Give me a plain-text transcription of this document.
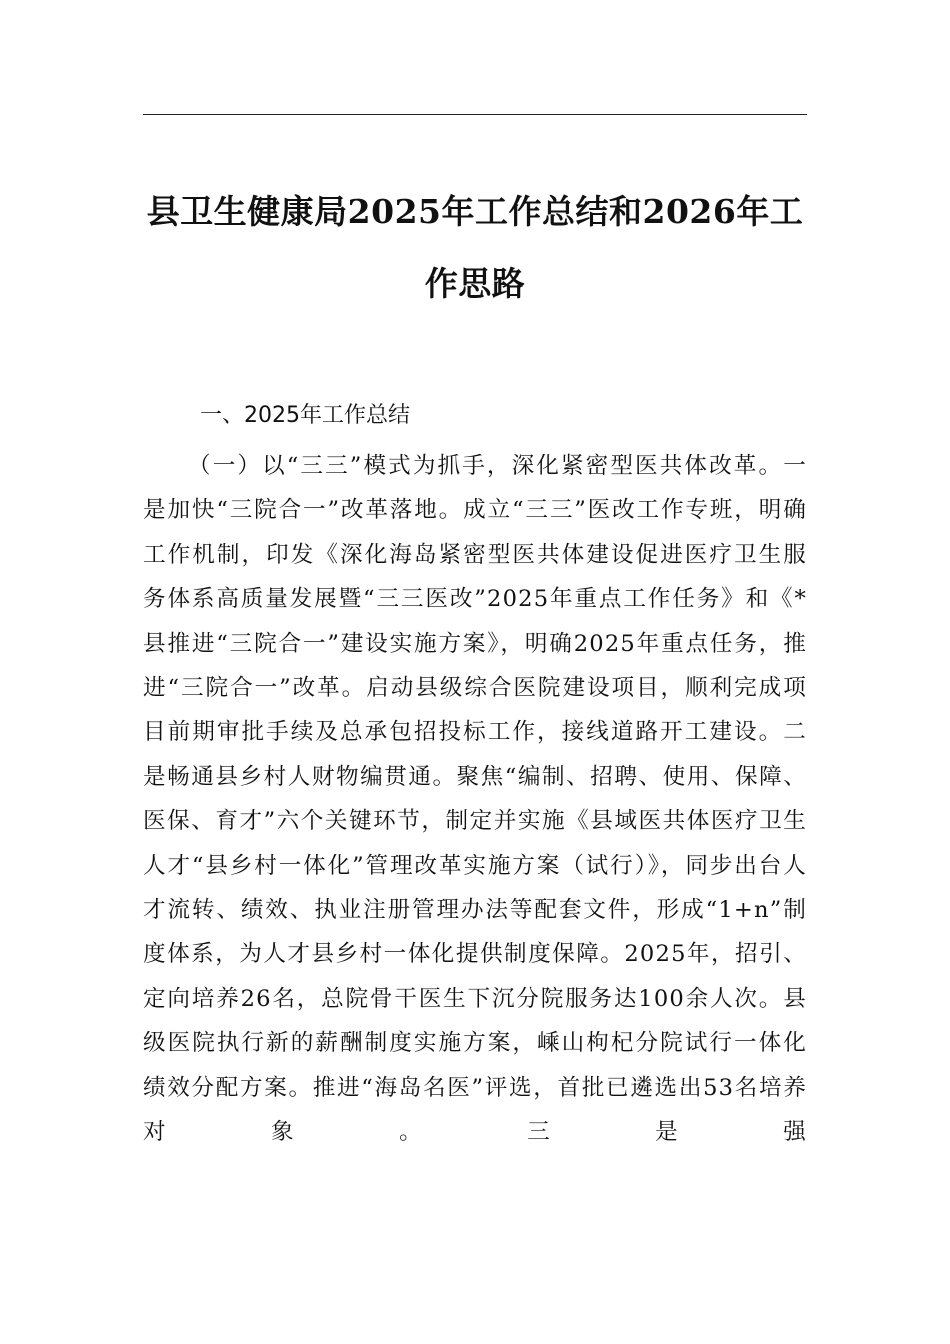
县卫生健康局2025年工作总结和2026年工作思路
一、2025年工作总结

（一）以“三三”模式为抓手，深化紧密型医共体改革。一是加快“三院合一”改革落地。成立“三三”医改工作专班，明确工作机制，印发《深化海岛紧密型医共体建设促进医疗卫生服务体系高质量发展暨“三三医改”2025年重点工作任务》和《*县推进“三院合一”建设实施方案》，明确2025年重点任务，推进“三院合一”改革。启动县级综合医院建设项目，顺利完成项目前期审批手续及总承包招投标工作，接线道路开工建设。二是畅通县乡村人财物编贯通。聚焦“编制、招聘、使用、保障、医保、育才”六个关键环节，制定并实施《县域医共体医疗卫生人才“县乡村一体化”管理改革实施方案（试行）》，同步出台人才流转、绩效、执业注册管理办法等配套文件，形成“1+n”制度体系，为人才县乡村一体化提供制度保障。2025年，招引、定向培养26名，总院骨干医生下沉分院服务达100余人次。县级医院执行新的薪酬制度实施方案，嵊山枸杞分院试行一体化绩效分配方案。推进“海岛名医”评选，首批已遴选出53名培养对象。三是强
